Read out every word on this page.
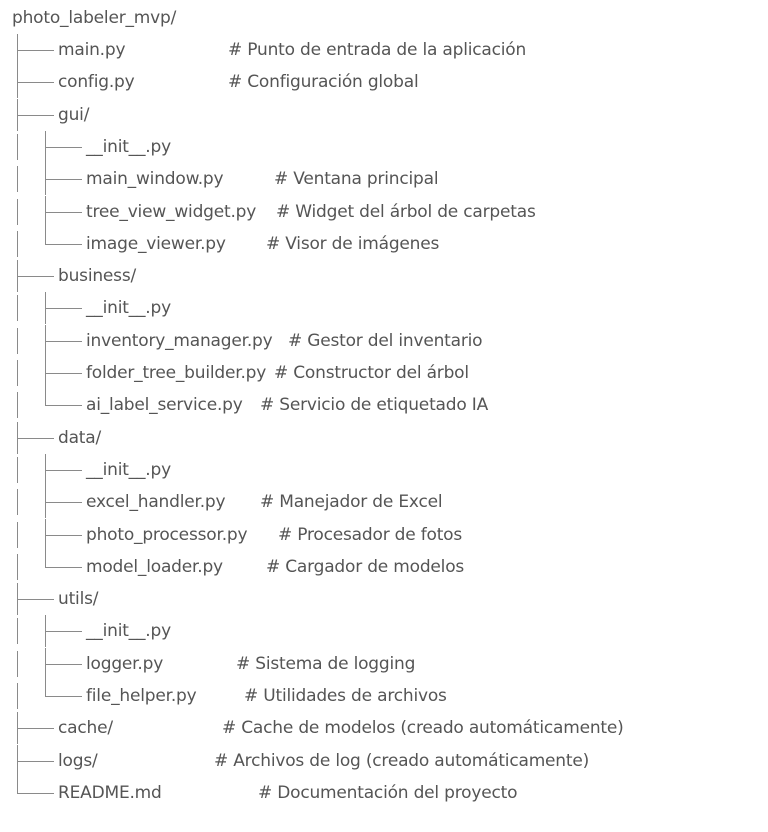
photo_labeler_mvp/
main.py	# Punto de entrada de la aplicación
config.py	# Configuración global
gui/
__init__.py
main_window.py	# Ventana principal
tree_view_widget.py # Widget del árbol de carpetas
image_viewer.py # Visor de imágenes
business/
__init__.py
inventory_manager.py # Gestor del inventario
folder_tree_builder.py # Constructor del árbol
ai_label_service.py # Servicio de etiquetado IA
data/
__init__.py
excel_handler.py # Manejador de Excel
photo_processor.py # Procesador de fotos
model_loader.py	# Cargador de modelos
utils/
__init__.py
logger.py	# Sistema de logging
file_helper.py	# Utilidades de archivos
cache/	# Cache de modelos (creado automáticamente)
logs/	# Archivos de log (creado automáticamente)
README.md	# Documentación del proyecto
